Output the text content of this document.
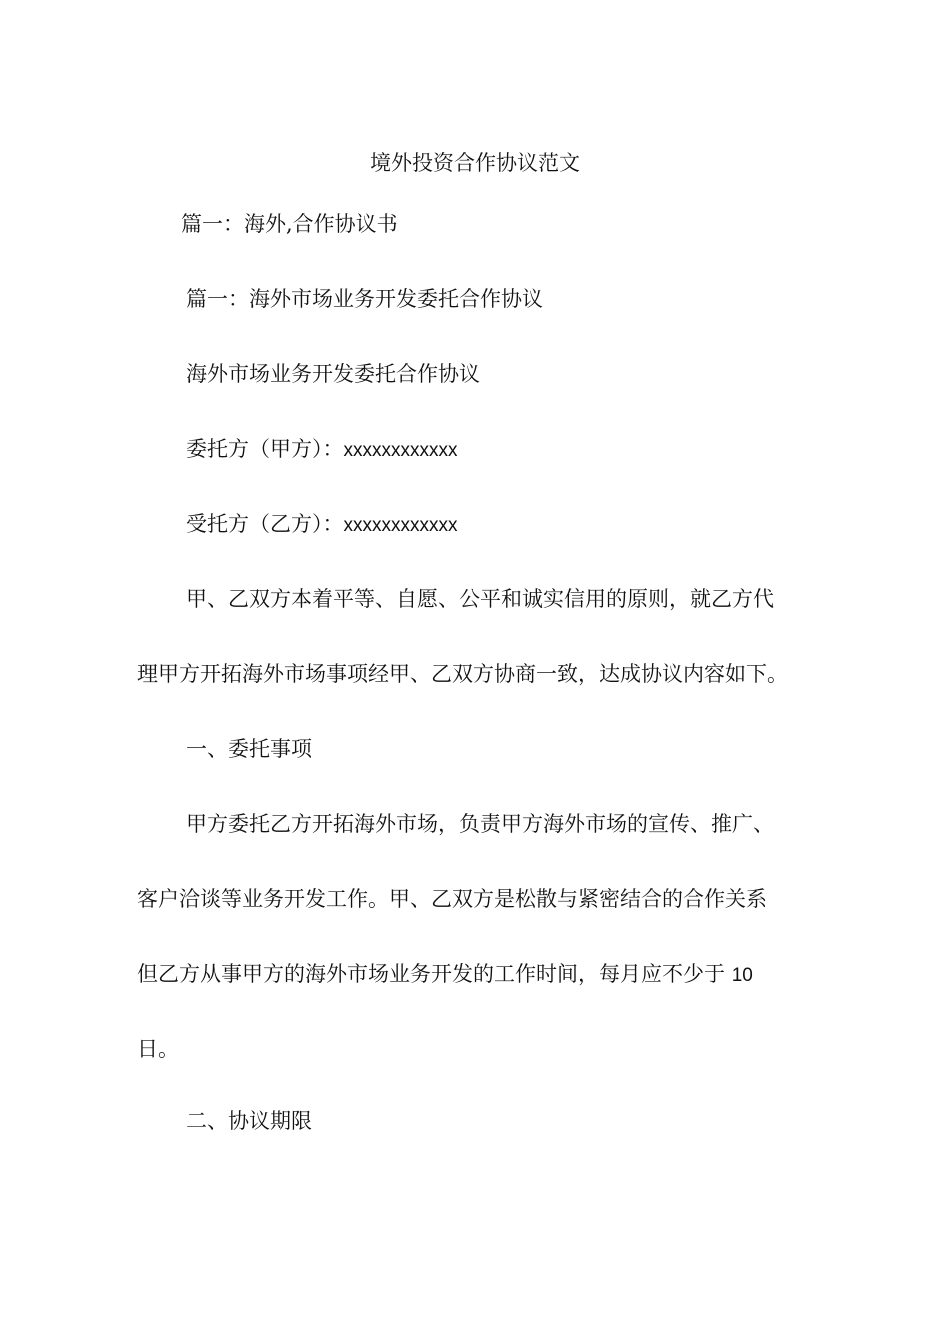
境外投资合作协议范文
篇一：海外,合作协议书
篇一：海外市场业务开发委托合作协议
海外市场业务开发委托合作协议
委托方（甲方）：xxxxxxxxxxxx
受托方（乙方）：xxxxxxxxxxxx
甲、乙双方本着平等、自愿、公平和诚实信用的原则，就乙方代
理甲方开拓海外市场事项经甲、乙双方协商一致，达成协议内容如下。
一、委托事项
甲方委托乙方开拓海外市场，负责甲方海外市场的宣传、推广、
客户洽谈等业务开发工作。甲、乙双方是松散与紧密结合的合作关系
但乙方从事甲方的海外市场业务开发的工作时间，每月应不少于 10
日。
二、协议期限
